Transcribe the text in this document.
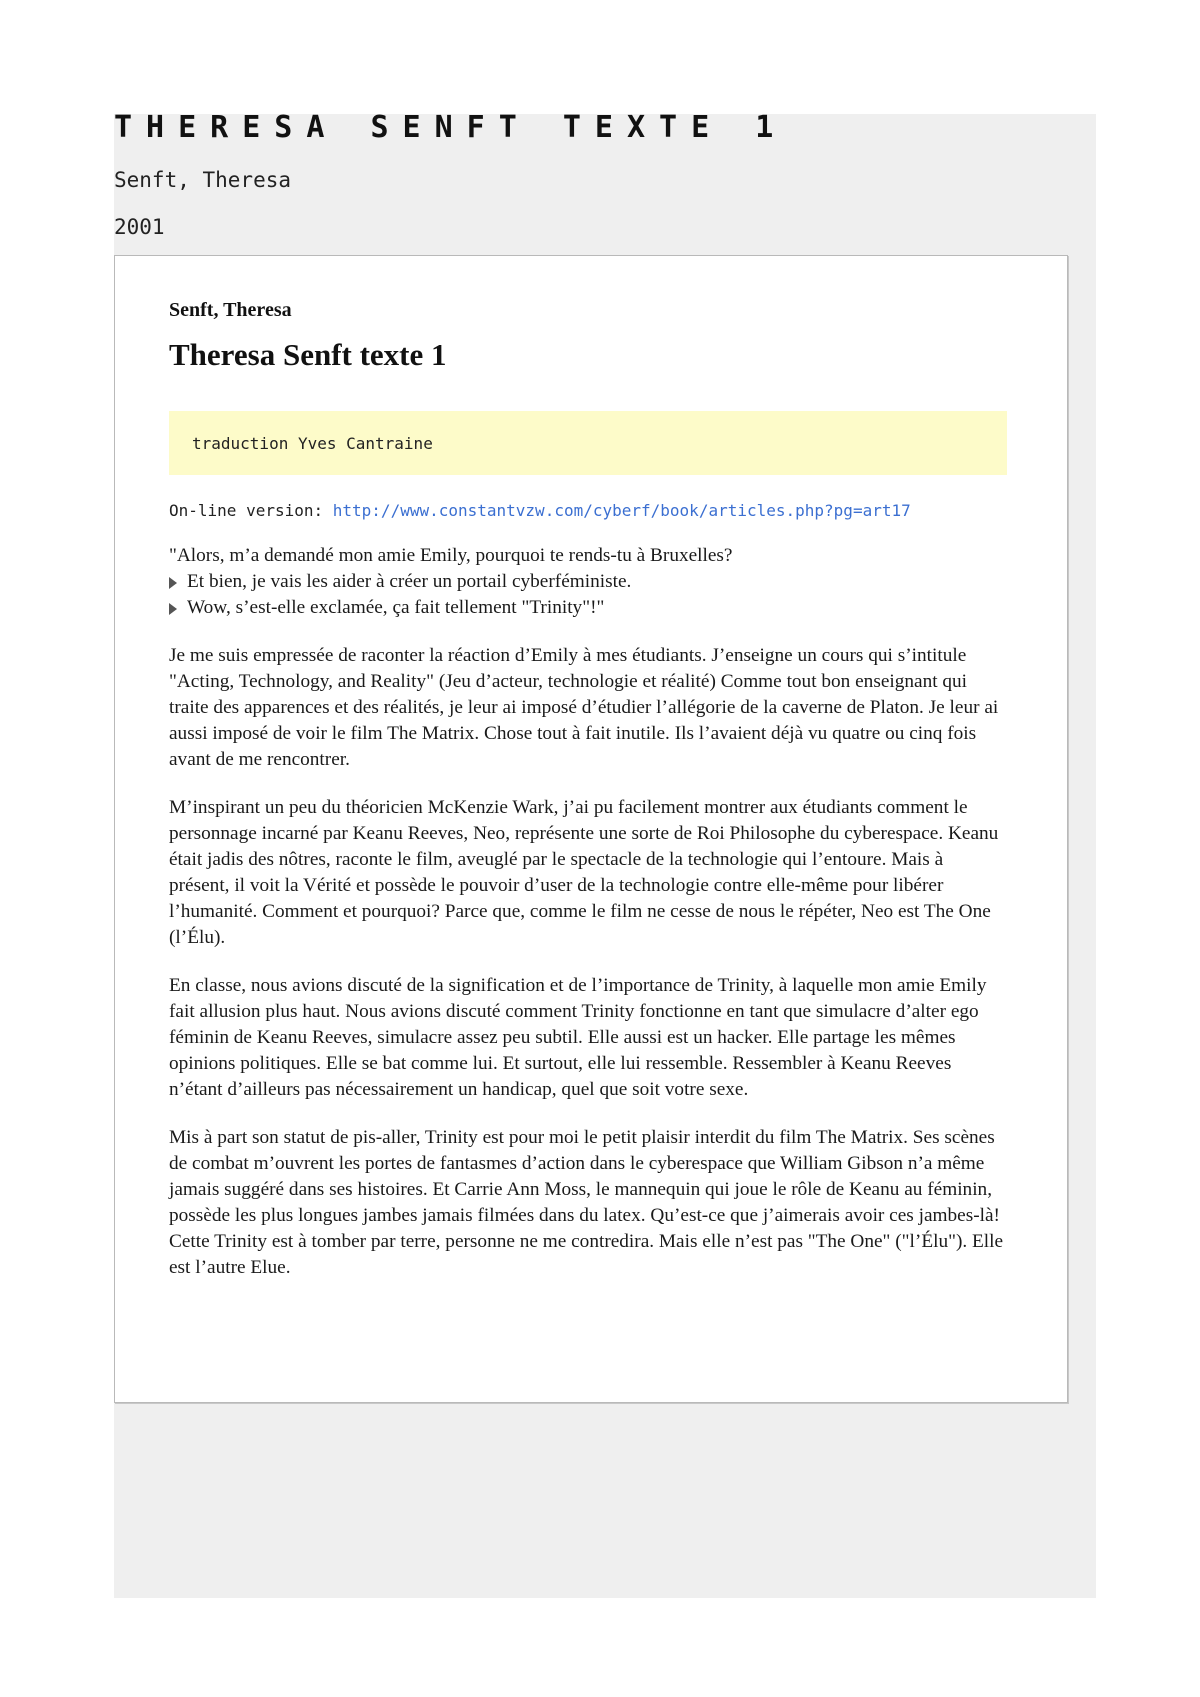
THERESA SENFT TEXTE 1
Senft, Theresa
2001

Senft, Theresa

Theresa Senft texte 1
traduction Yves Cantraine
On-line version: http://www.constantvzw.com/cyberf/book/articles.php?pg=art17

"Alors, m’a demandé mon amie Emily, pourquoi te rends-tu à Bruxelles?

Et bien, je vais les aider à créer un portail cyberféministe.

Wow, s’est-elle exclamée, ça fait tellement "Trinity"!"

Je me suis empressée de raconter la réaction d’Emily à mes étudiants. J’enseigne un cours qui s’intitule "Acting, Technology, and Reality" (Jeu d’acteur, technologie et réalité) Comme tout bon enseignant qui traite des apparences et des réalités, je leur ai imposé d’étudier l’allégorie de la caverne de Platon. Je leur ai aussi imposé de voir le film The Matrix. Chose tout à fait inutile. Ils l’avaient déjà vu quatre ou cinq fois avant de me rencontrer.

M’inspirant un peu du théoricien McKenzie Wark, j’ai pu facilement montrer aux étudiants comment le personnage incarné par Keanu Reeves, Neo, représente une sorte de Roi Philosophe du cyberespace. Keanu était jadis des nôtres, raconte le film, aveuglé par le spectacle de la technologie qui l’entoure. Mais à présent, il voit la Vérité et possède le pouvoir d’user de la technologie contre elle-même pour libérer l’humanité. Comment et pourquoi? Parce que, comme le film ne cesse de nous le répéter, Neo est The One (l’Élu).

En classe, nous avions discuté de la signification et de l’importance de Trinity, à laquelle mon amie Emily fait allusion plus haut. Nous avions discuté comment Trinity fonctionne en tant que simulacre d’alter ego féminin de Keanu Reeves, simulacre assez peu subtil. Elle aussi est un hacker. Elle partage les mêmes opinions politiques. Elle se bat comme lui. Et surtout, elle lui ressemble. Ressembler à Keanu Reeves n’étant d’ailleurs pas nécessairement un handicap, quel que soit votre sexe.

Mis à part son statut de pis-aller, Trinity est pour moi le petit plaisir interdit du film The Matrix. Ses scènes de combat m’ouvrent les portes de fantasmes d’action dans le cyberespace que William Gibson n’a même jamais suggéré dans ses histoires. Et Carrie Ann Moss, le mannequin qui joue le rôle de Keanu au féminin, possède les plus longues jambes jamais filmées dans du latex. Qu’est-ce que j’aimerais avoir ces jambes-là! Cette Trinity est à tomber par terre, personne ne me contredira. Mais elle n’est pas "The One" ("l’Élu"). Elle est l’autre Elue.
